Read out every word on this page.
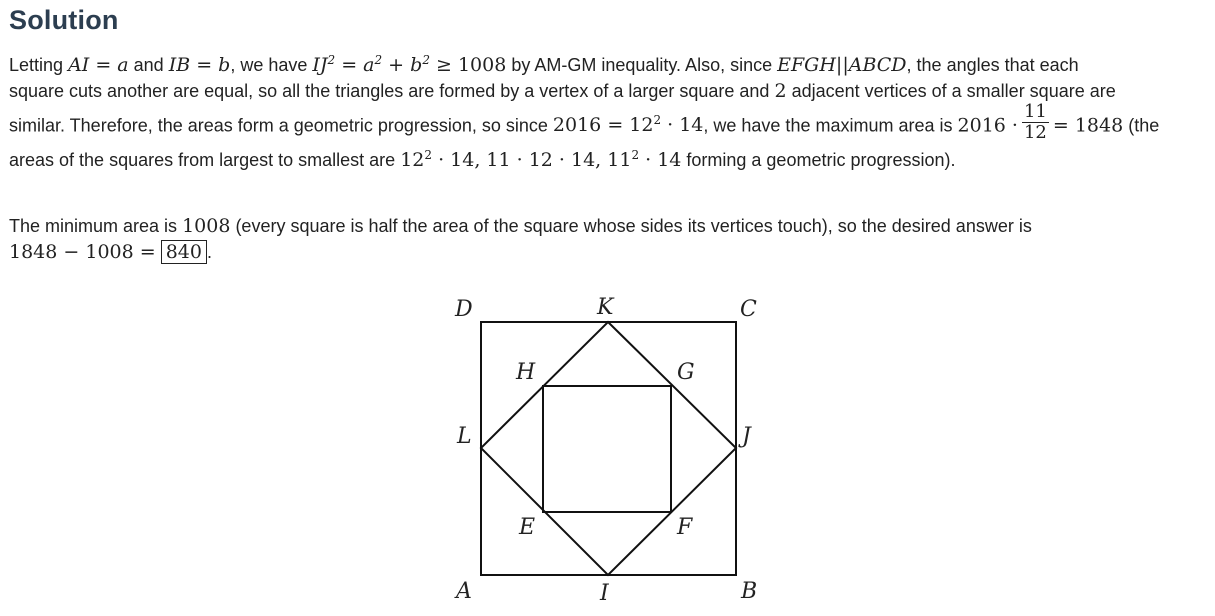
Solution
Letting AI = a and IB = b, we have $IJ^2 = a^2 + b^2 \ge 1008$ by AM-GM inequality. Also, since EFGH||ABCD, the angles that each
square cuts another are equal, so all the triangles are formed by a vertex of a larger square and 2 adjacent vertices of a smaller square are
similar. Therefore, the areas form a geometric progression, so since $2016 = 12^2 \cdot 14$, we have the maximum area is $2016 \cdot \frac{11}{12} = 1848$ (the
areas of the squares from largest to smallest are $12^2 \cdot 14$, 11 · 12 · 14, $11^2 \cdot 14$ forming a geometric progression).
The minimum area is 1008 (every square is half the area of the square whose sides its vertices touch), so the desired answer is
1848 − 1008 = 840 .
D	K	C
H	G
L	J
E	F
A	I	B
